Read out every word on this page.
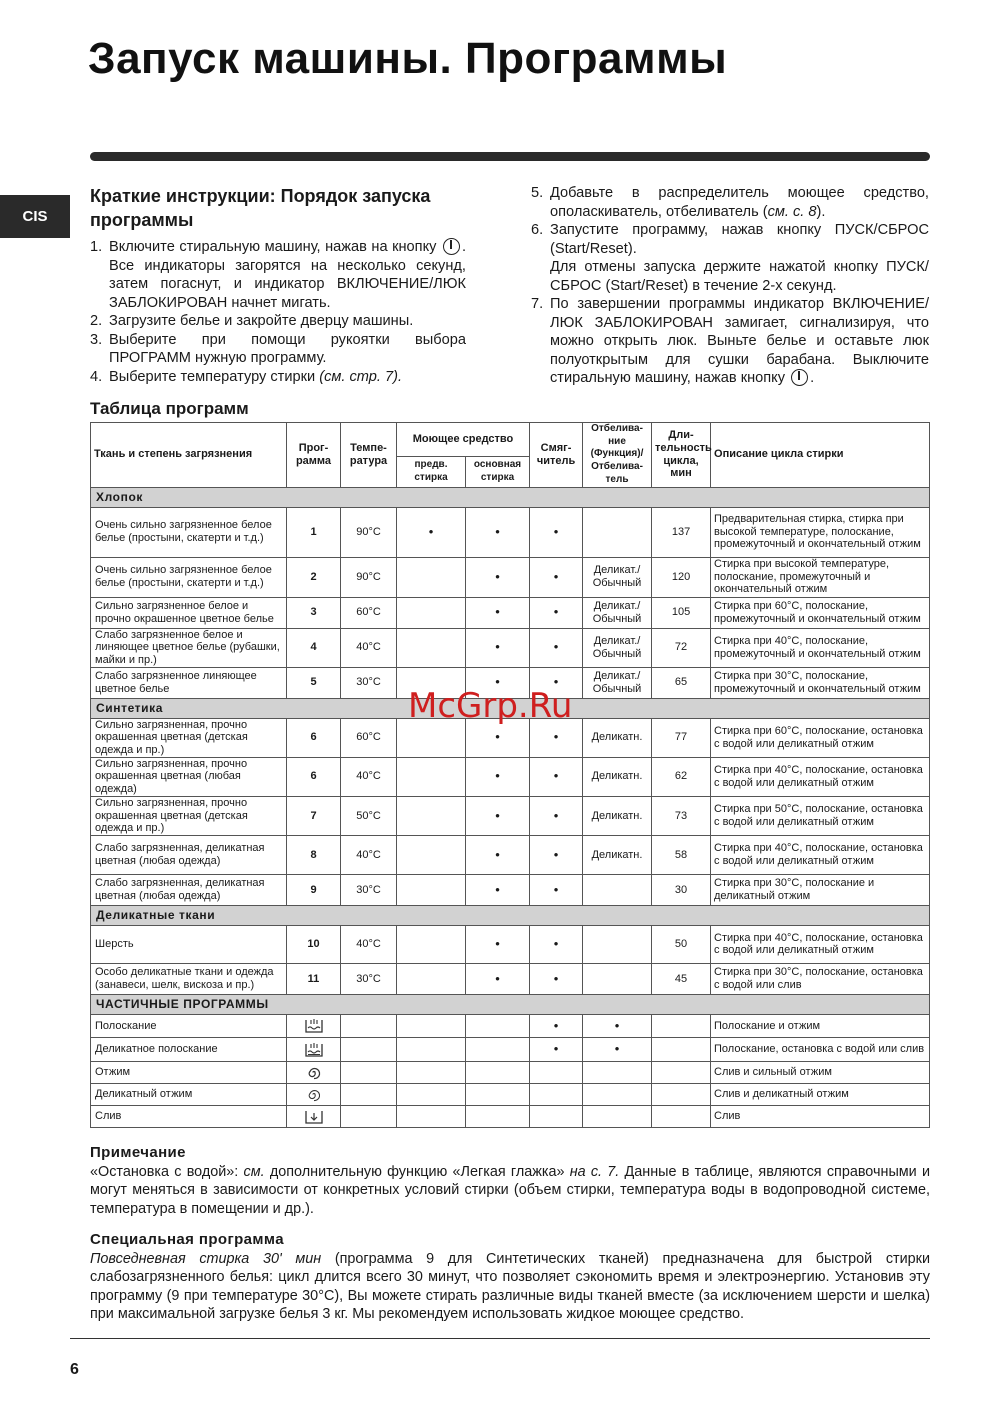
Запуск машины. Программы
CIS
Краткие инструкции: Порядок запуска программы
1. Включите стиральную машину, нажав на кнопку . Все индикаторы загорятся на несколько секунд, затем погаснут, и индикатор ВКЛЮЧЕНИЕ/ЛЮК ЗАБЛОКИРОВАН начнет мигать.
2. Загрузите белье и закройте дверцу машины.
3. Выберите при помощи рукоятки выбора ПРОГРАММ нужную программу.
4. Выберите температуру стирки (см. стр. 7).
5. Добавьте в распределитель моющее средство, ополаскиватель, отбеливатель (см. с. 8).
6. Запустите программу, нажав кнопку ПУСК/СБРОС (Start/Reset).
Для отмены запуска держите нажатой кнопку ПУСК/СБРОС (Start/Reset) в течение 2-х секунд.
7. По завершении программы индикатор ВКЛЮЧЕНИЕ/ЛЮК ЗАБЛОКИРОВАН замигает, сигнализируя, что можно открыть люк. Выньте белье и оставьте люк полуоткрытым для сушки барабана. Выключите стиральную машину, нажав кнопку .
Таблица программ
Ткань и степень загрязнения	Прог-рамма	Темпе-ратура	Моющее средство		Смяг-читель	Отбелива-ние (Функция)/ Отбелива-тель	Дли-тельность цикла, мин	Описание цикла стирки
			предв. стирка	основная стирка				
Хлопок								
Очень сильно загрязненное белое белье (простыни, скатерти и т.д.)	1	90°C	•	•	•		137	Предварительная стирка, стирка при высокой температуре, полоскание, промежуточный и окончательный отжим
Очень сильно загрязненное белое белье (простыни, скатерти и т.д.)	2	90°C		•	•	Деликат./ Обычный	120	Стирка при высокой температуре, полоскание, промежуточный и окончательный отжим
Сильно загрязненное белое и прочно окрашенное цветное белье	3	60°C		•	•	Деликат./ Обычный	105	Стирка при 60°C, полоскание, промежуточный и окончательный отжим
Слабо загрязненное белое и линяющее цветное белье (рубашки, майки и пр.)	4	40°C		•	•	Деликат./ Обычный	72	Стирка при 40°C, полоскание, промежуточный и окончательный отжим
Слабо загрязненное линяющее цветное белье	5	30°C		•	•	Деликат./ Обычный	65	Стирка при 30°C, полоскание, промежуточный и окончательный отжим
Синтетика								
Сильно загрязненная, прочно окрашенная цветная (детская одежда и пр.)	6	60°C		•	•	Деликатн.	77	Стирка при 60°C, полоскание, остановка с водой или деликатный отжим
Сильно загрязненная, прочно окрашенная цветная (любая одежда)	6	40°C		•	•	Деликатн.	62	Стирка при 40°C, полоскание, остановка с водой или деликатный отжим
Сильно загрязненная, прочно окрашенная цветная (детская одежда и пр.)	7	50°C		•	•	Деликатн.	73	Стирка при 50°C, полоскание, остановка с водой или деликатный отжим
Слабо загрязненная, деликатная цветная (любая одежда)	8	40°C		•	•	Деликатн.	58	Стирка при 40°C, полоскание, остановка с водой или деликатный отжим
Слабо загрязненная, деликатная цветная (любая одежда)	9	30°C		•	•		30	Стирка при 30°C, полоскание и деликатный отжим
Деликатные ткани								
Шерсть	10	40°C		•	•		50	Стирка при 40°C, полоскание, остановка с водой или деликатный отжим
Особо деликатные ткани и одежда (занавеси, шелк, вискоза и пр.)	11	30°C		•	•		45	Стирка при 30°C, полоскание, остановка с водой или слив
ЧАСТИЧНЫЕ ПРОГРАММЫ								
Полоскание					•	•		Полоскание и отжим
Деликатное полоскание					•	•		Полоскание, остановка с водой или слив
Отжим								Слив и сильный отжим
Деликатный отжим								Слив и деликатный отжим
Слив								Слив
McGrp.Ru
Примечание
«Остановка с водой»: см. дополнительную функцию «Легкая глажка» на с. 7. Данные в таблице, являются справочными и могут меняться в зависимости от конкретных условий стирки (объем стирки, температура воды в водопроводной системе, температура в помещении и др.).
Специальная программа
Повседневная стирка 30' мин (программа 9 для Синтетических тканей) предназначена для быстрой стирки слабозагрязненного белья: цикл длится всего 30 минут, что позволяет сэкономить время и электроэнергию. Установив эту программу (9 при температуре 30°C), Вы можете стирать различные виды тканей вместе (за исключением шерсти и шелка) при максимальной загрузке белья 3 кг. Мы рекомендуем использовать жидкое моющее средство.
6
